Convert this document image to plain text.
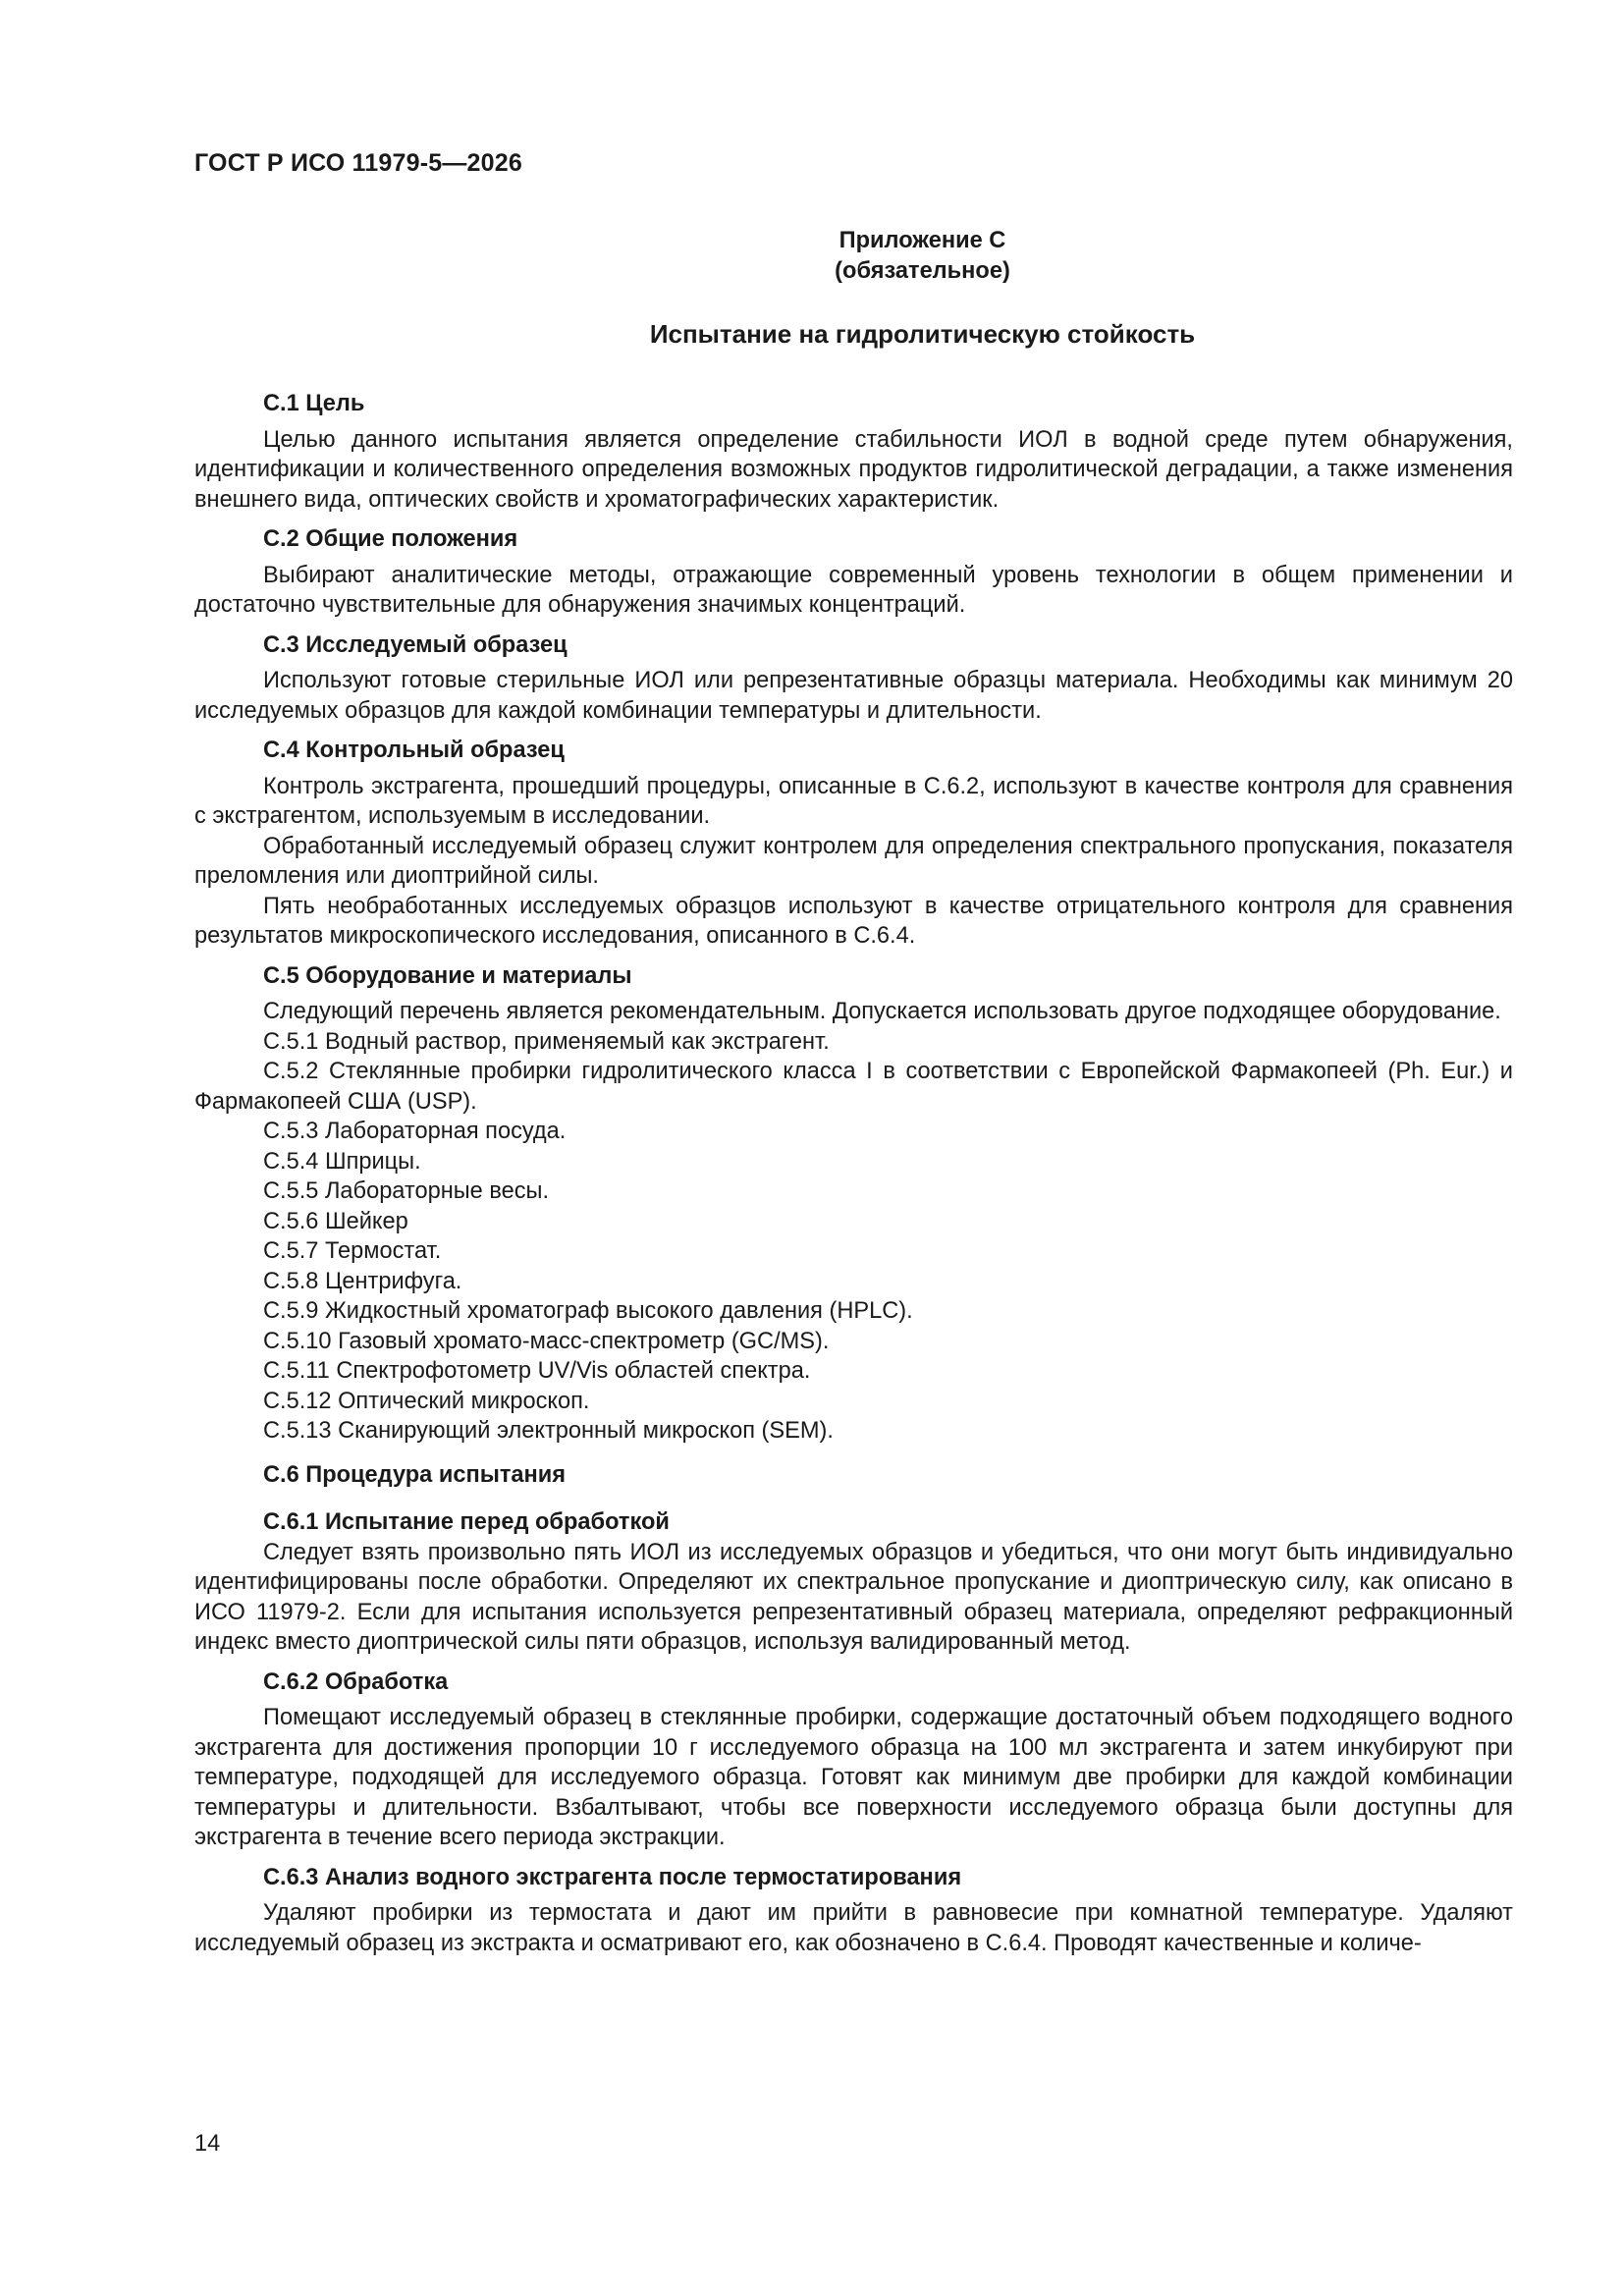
ГОСТ Р ИСО 11979-5—2026
Приложение С
(обязательное)
Испытание на гидролитическую стойкость
С.1 Цель

Целью данного испытания является определение стабильности ИОЛ в водной среде путем обнаружения, идентификации и количественного определения возможных продуктов гидролитической деградации, а также изменения внешнего вида, оптических свойств и хроматографических характеристик.

С.2 Общие положения

Выбирают аналитические методы, отражающие современный уровень технологии в общем применении и достаточно чувствительные для обнаружения значимых концентраций.

С.3 Исследуемый образец

Используют готовые стерильные ИОЛ или репрезентативные образцы материала. Необходимы как минимум 20 исследуемых образцов для каждой комбинации температуры и длительности.

С.4 Контрольный образец

Контроль экстрагента, прошедший процедуры, описанные в С.6.2, используют в качестве контроля для сравнения с экстрагентом, используемым в исследовании.

Обработанный исследуемый образец служит контролем для определения спектрального пропускания, показателя преломления или диоптрийной силы.

Пять необработанных исследуемых образцов используют в качестве отрицательного контроля для сравнения результатов микроскопического исследования, описанного в С.6.4.

С.5 Оборудование и материалы

Следующий перечень является рекомендательным. Допускается использовать другое подходящее оборудование.

С.5.1 Водный раствор, применяемый как экстрагент.

С.5.2 Стеклянные пробирки гидролитического класса I в соответствии с Европейской Фармакопеей (Ph. Eur.) и Фармакопеей США (USP).

С.5.3 Лабораторная посуда.

С.5.4 Шприцы.

С.5.5 Лабораторные весы.

С.5.6 Шейкер

С.5.7 Термостат.

С.5.8 Центрифуга.

С.5.9 Жидкостный хроматограф высокого давления (HPLC).

С.5.10 Газовый хромато-масс-спектрометр (GC/MS).

С.5.11 Спектрофотометр UV/Vis областей спектра.

С.5.12 Оптический микроскоп.

С.5.13 Сканирующий электронный микроскоп (SEM).

С.6 Процедура испытания
С.6.1 Испытание перед обработкой

Следует взять произвольно пять ИОЛ из исследуемых образцов и убедиться, что они могут быть индивидуально идентифицированы после обработки. Определяют их спектральное пропускание и диоптрическую силу, как описано в ИСО 11979-2. Если для испытания используется репрезентативный образец материала, определяют рефракционный индекс вместо диоптрической силы пяти образцов, используя валидированный метод.

С.6.2 Обработка

Помещают исследуемый образец в стеклянные пробирки, содержащие достаточный объем подходящего водного экстрагента для достижения пропорции 10 г исследуемого образца на 100 мл экстрагента и затем инкубируют при температуре, подходящей для исследуемого образца. Готовят как минимум две пробирки для каждой комбинации температуры и длительности. Взбалтывают, чтобы все поверхности исследуемого образца были доступны для экстрагента в течение всего периода экстракции.

С.6.3 Анализ водного экстрагента после термостатирования

Удаляют пробирки из термостата и дают им прийти в равновесие при комнатной температуре. Удаляют исследуемый образец из экстракта и осматривают его, как обозначено в С.6.4. Проводят качественные и количе-

14
